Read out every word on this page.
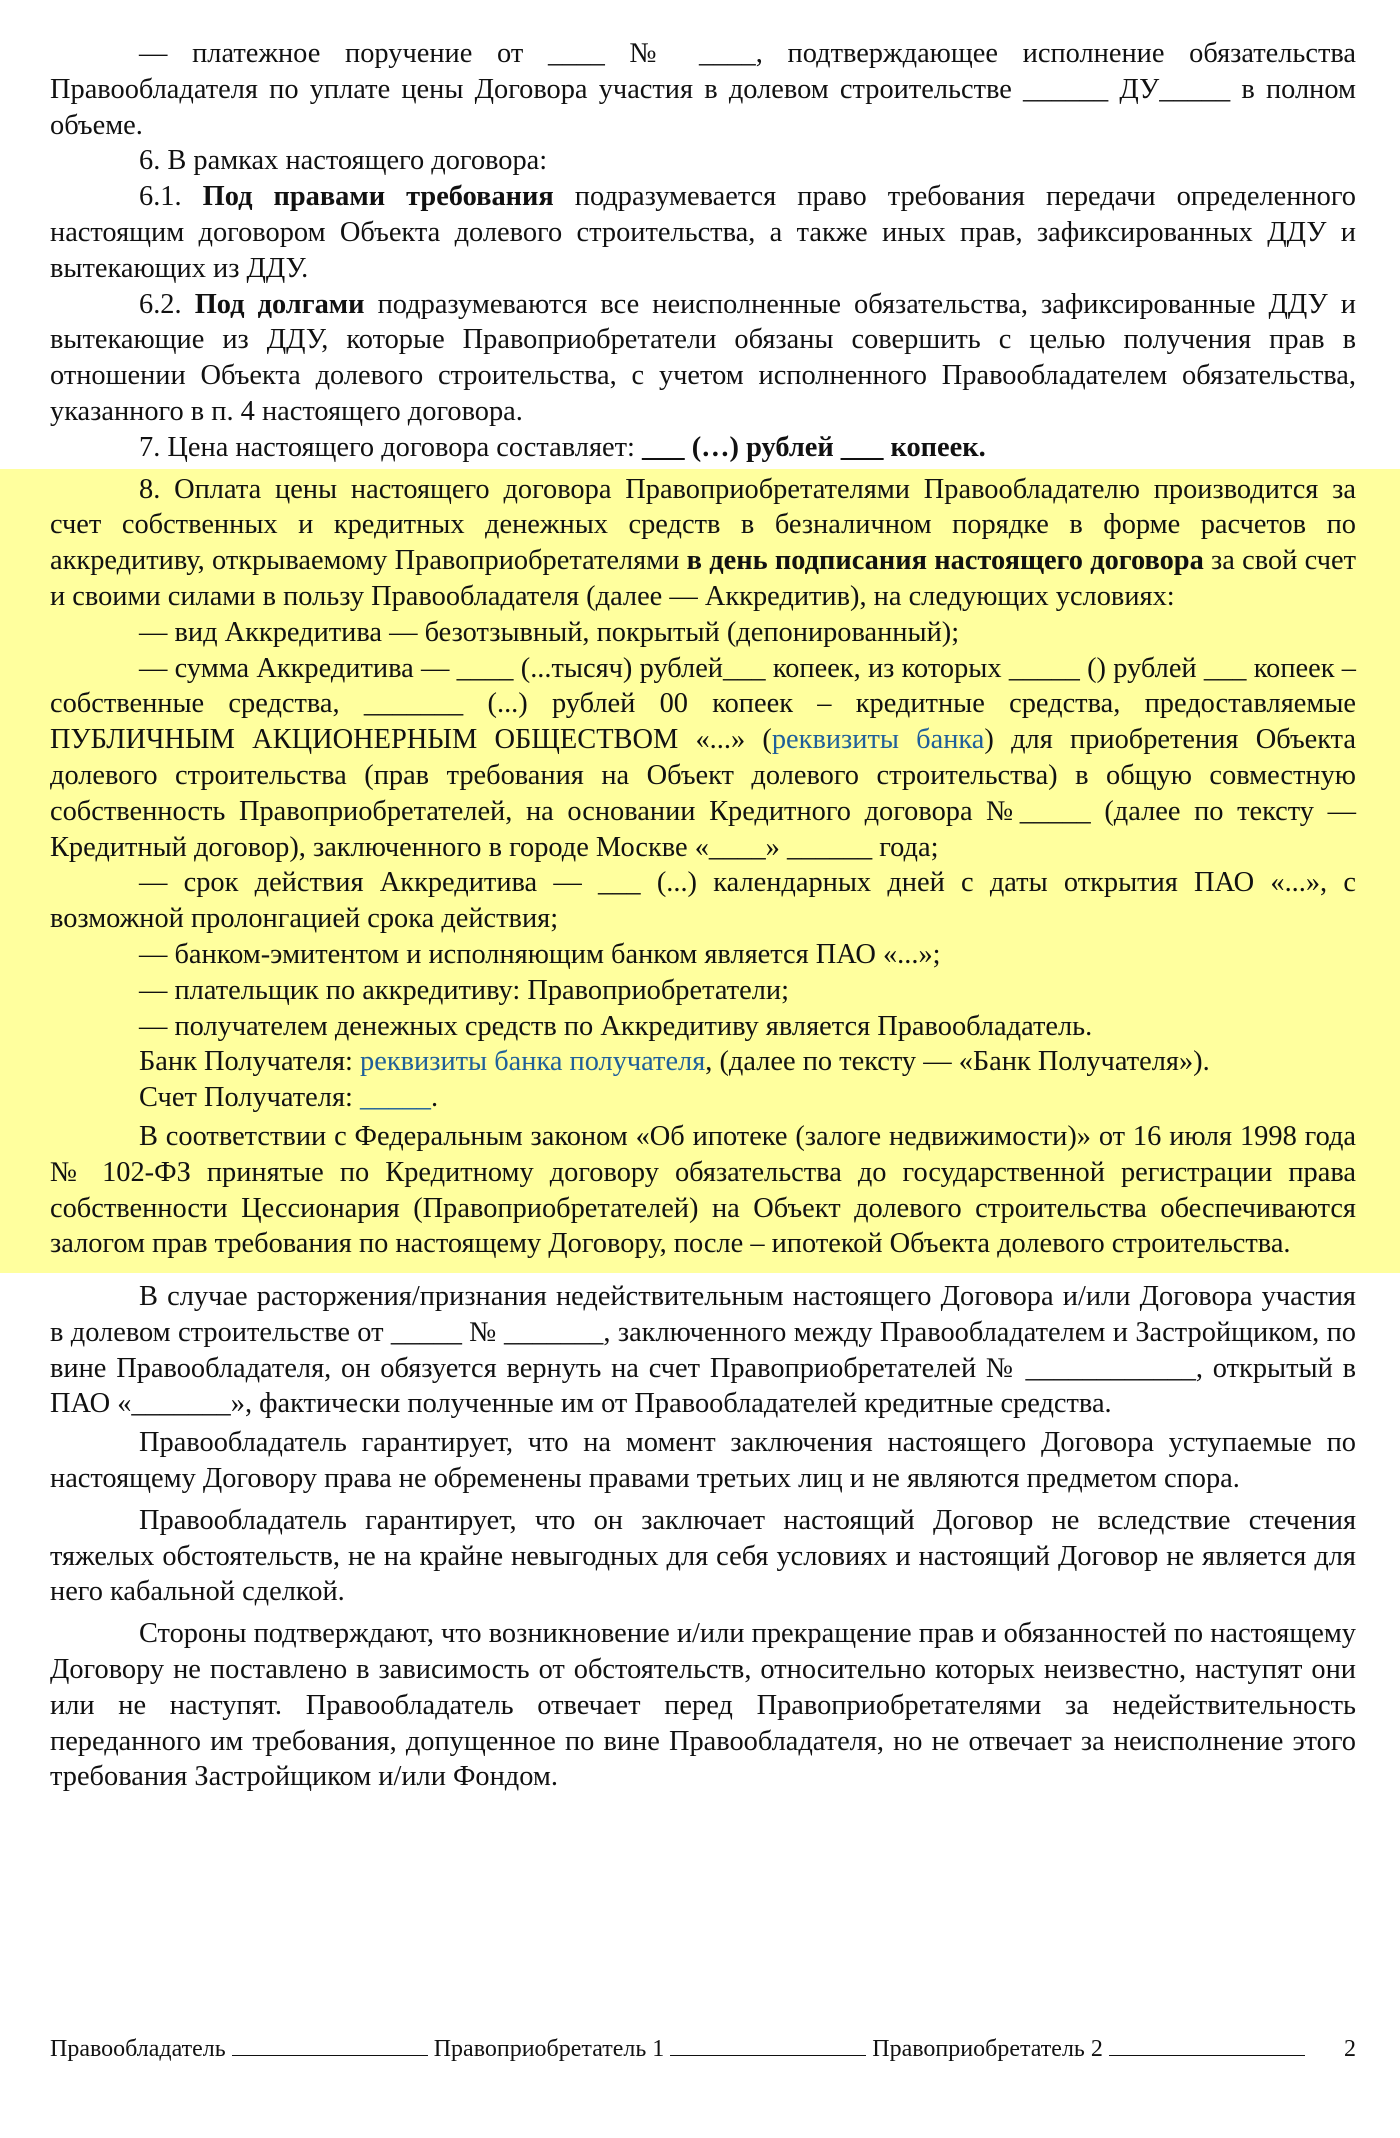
— платежное поручение от ____ № ____, подтверждающее исполнение обязательства Правообладателя по уплате цены Договора участия в долевом строительстве ______ ДУ_____ в полном объеме.

6. В рамках настоящего договора:

6.1. Под правами требования подразумевается право требования передачи определенного настоящим договором Объекта долевого строительства, а также иных прав, зафиксированных ДДУ и вытекающих из ДДУ.

6.2. Под долгами подразумеваются все неисполненные обязательства, зафиксированные ДДУ и вытекающие из ДДУ, которые Правоприобретатели обязаны совершить с целью получения прав в отношении Объекта долевого строительства, с учетом исполненного Правообладателем обязательства, указанного в п. 4 настоящего договора.

7. Цена настоящего договора составляет: ___ (…) рублей ___ копеек.

8. Оплата цены настоящего договора Правоприобретателями Правообладателю производится за счет собственных и кредитных денежных средств в безналичном порядке в форме расчетов по аккредитиву, открываемому Правоприобретателями в день подписания настоящего договора за свой счет и своими силами в пользу Правообладателя (далее — Аккредитив), на следующих условиях:

— вид Аккредитива — безотзывный, покрытый (депонированный);

— сумма Аккредитива — ____ (...тысяч) рублей___ копеек, из которых _____ () рублей ___ копеек – собственные средства, _______ (...) рублей 00 копеек – кредитные средства, предоставляемые ПУБЛИЧНЫМ АКЦИОНЕРНЫМ ОБЩЕСТВОМ «...» (реквизиты банка) для приобретения Объекта долевого строительства (прав требования на Объект долевого строительства) в общую совместную собственность Правоприобретателей, на основании Кредитного договора №_____ (далее по тексту — Кредитный договор), заключенного в городе Москве «____» ______ года;

— срок действия Аккредитива — ___ (...) календарных дней с даты открытия ПАО «...», с возможной пролонгацией срока действия;

— банком-эмитентом и исполняющим банком является ПАО «...»;

— плательщик по аккредитиву: Правоприобретатели;

— получателем денежных средств по Аккредитиву является Правообладатель.

Банк Получателя: реквизиты банка получателя, (далее по тексту — «Банк Получателя»).

Счет Получателя: _____.

В соответствии с Федеральным законом «Об ипотеке (залоге недвижимости)» от 16 июля 1998 года № 102-ФЗ принятые по Кредитному договору обязательства до государственной регистрации права собственности Цессионария (Правоприобретателей) на Объект долевого строительства обеспечиваются залогом прав требования по настоящему Договору, после – ипотекой Объекта долевого строительства.

В случае расторжения/признания недействительным настоящего Договора и/или Договора участия в долевом строительстве от _____ № _______, заключенного между Правообладателем и Застройщиком, по вине Правообладателя, он обязуется вернуть на счет Правоприобретателей № ____________, открытый в ПАО «_______», фактически полученные им от Правообладателей кредитные средства.

Правообладатель гарантирует, что на момент заключения настоящего Договора уступаемые по настоящему Договору права не обременены правами третьих лиц и не являются предметом спора.

Правообладатель гарантирует, что он заключает настоящий Договор не вследствие стечения тяжелых обстоятельств, не на крайне невыгодных для себя условиях и настоящий Договор не является для него кабальной сделкой.

Стороны подтверждают, что возникновение и/или прекращение прав и обязанностей по настоящему Договору не поставлено в зависимость от обстоятельств, относительно которых неизвестно, наступят они или не наступят. Правообладатель отвечает перед Правоприобретателями за недействительность переданного им требования, допущенное по вине Правообладателя, но не отвечает за неисполнение этого требования Застройщиком и/или Фондом.

Правообладатель	Правоприобретатель 1	Правоприобретатель 2	2
